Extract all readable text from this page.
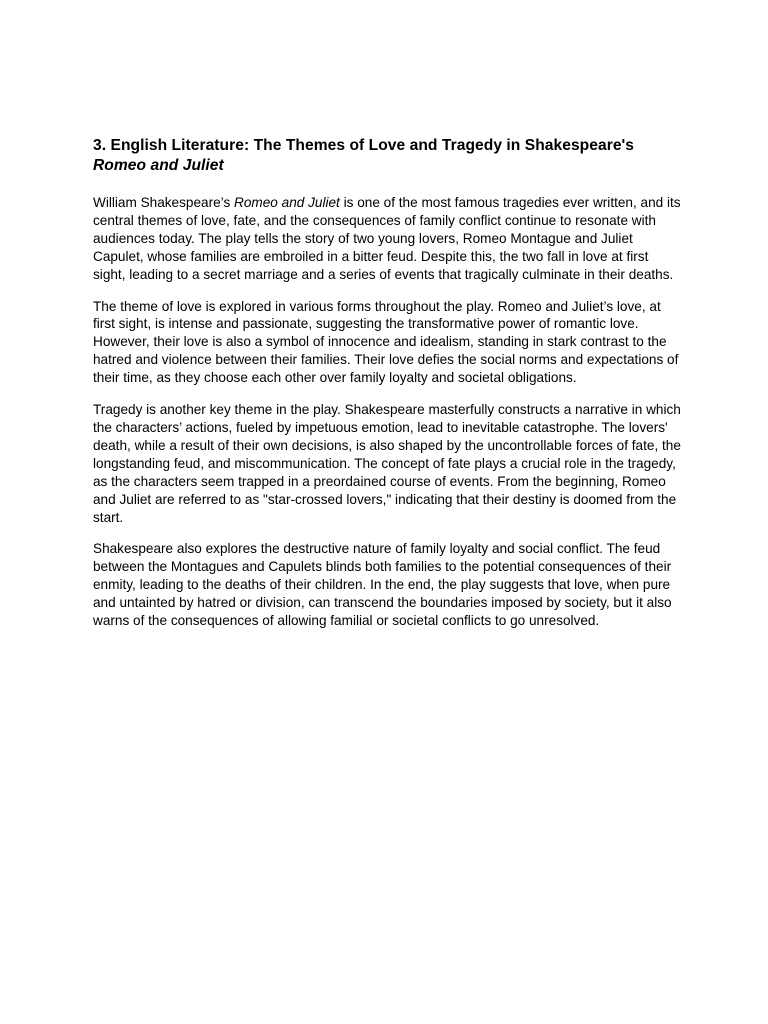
3. English Literature: The Themes of Love and Tragedy in Shakespeare's
Romeo and Juliet

William Shakespeare’s Romeo and Juliet is one of the most famous tragedies ever written, and its central themes of love, fate, and the consequences of family conflict continue to resonate with audiences today. The play tells the story of two young lovers, Romeo Montague and Juliet Capulet, whose families are embroiled in a bitter feud. Despite this, the two fall in love at first sight, leading to a secret marriage and a series of events that tragically culminate in their deaths.

The theme of love is explored in various forms throughout the play. Romeo and Juliet’s love, at first sight, is intense and passionate, suggesting the transformative power of romantic love. However, their love is also a symbol of innocence and idealism, standing in stark contrast to the hatred and violence between their families. Their love defies the social norms and expectations of their time, as they choose each other over family loyalty and societal obligations.

Tragedy is another key theme in the play. Shakespeare masterfully constructs a narrative in which the characters’ actions, fueled by impetuous emotion, lead to inevitable catastrophe. The lovers' death, while a result of their own decisions, is also shaped by the uncontrollable forces of fate, the longstanding feud, and miscommunication. The concept of fate plays a crucial role in the tragedy, as the characters seem trapped in a preordained course of events. From the beginning, Romeo and Juliet are referred to as "star-crossed lovers," indicating that their destiny is doomed from the start.

Shakespeare also explores the destructive nature of family loyalty and social conflict. The feud between the Montagues and Capulets blinds both families to the potential consequences of their enmity, leading to the deaths of their children. In the end, the play suggests that love, when pure and untainted by hatred or division, can transcend the boundaries imposed by society, but it also warns of the consequences of allowing familial or societal conflicts to go unresolved.
